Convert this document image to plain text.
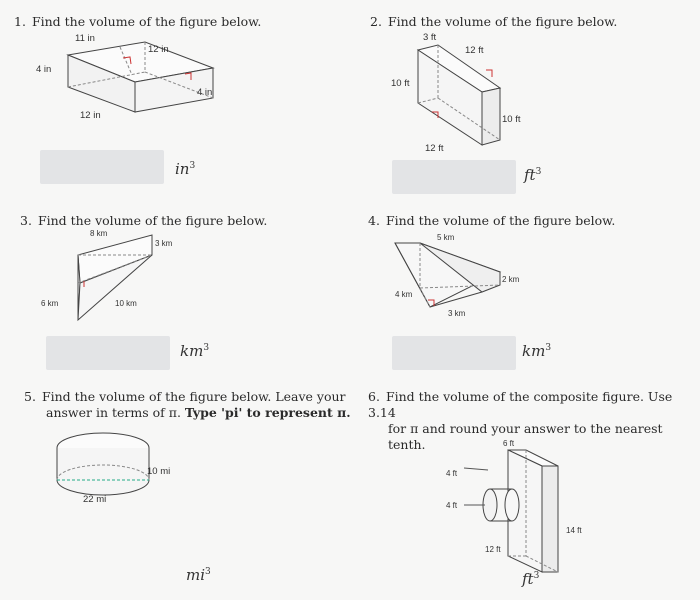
1. Find the volume of the figure below.
11 in
12 in
4 in
4 in
12 in
$in^3$
2. Find the volume of the figure below.
3 ft
12 ft
10 ft
10 ft
12 ft
$ft^3$
3. Find the volume of the figure below.
8 km
3 km
6 km	10 km
$km^3$
4. Find the volume of the figure below.
5 km
2 km
4 km
3 km
$km^3$
5. Find the volume of the figure below. Leave your
answer in terms of π. Type 'pi' to represent π.
10 mi
22 mi
$mi^3$
6. Find the volume of the composite figure. Use 3.14
for π and round your answer to the nearest tenth.	6 ft
4 ft
4 ft
14 ft
12 ft
$ft^3$
